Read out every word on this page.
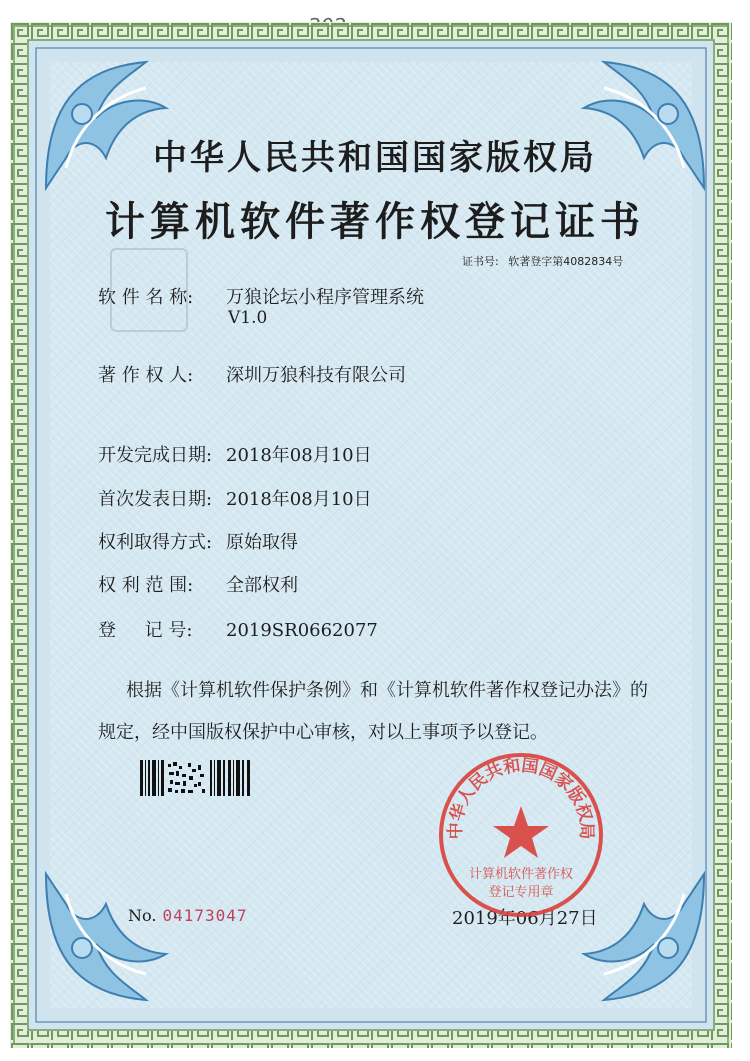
中华人民共和国国家版权局
计算机软件著作权登记证书
证书号: 软著登字第4082834号
软 件 名 称: 万狼论坛小程序管理系统
V1.0
著 作 权 人: 深圳万狼科技有限公司
开发完成日期: 2018年08月10日
首次发表日期: 2018年08月10日
权利取得方式: 原始取得
权 利 范 围: 全部权利
登     记 号: 2019SR0662077
根据《计算机软件保护条例》和《计算机软件著作权登记办法》的
规定，经中国版权保护中心审核，对以上事项予以登记。
No. 04173047	2019年06月27日
中华人民共和国国家版权局
计算机软件著作权
登记专用章
